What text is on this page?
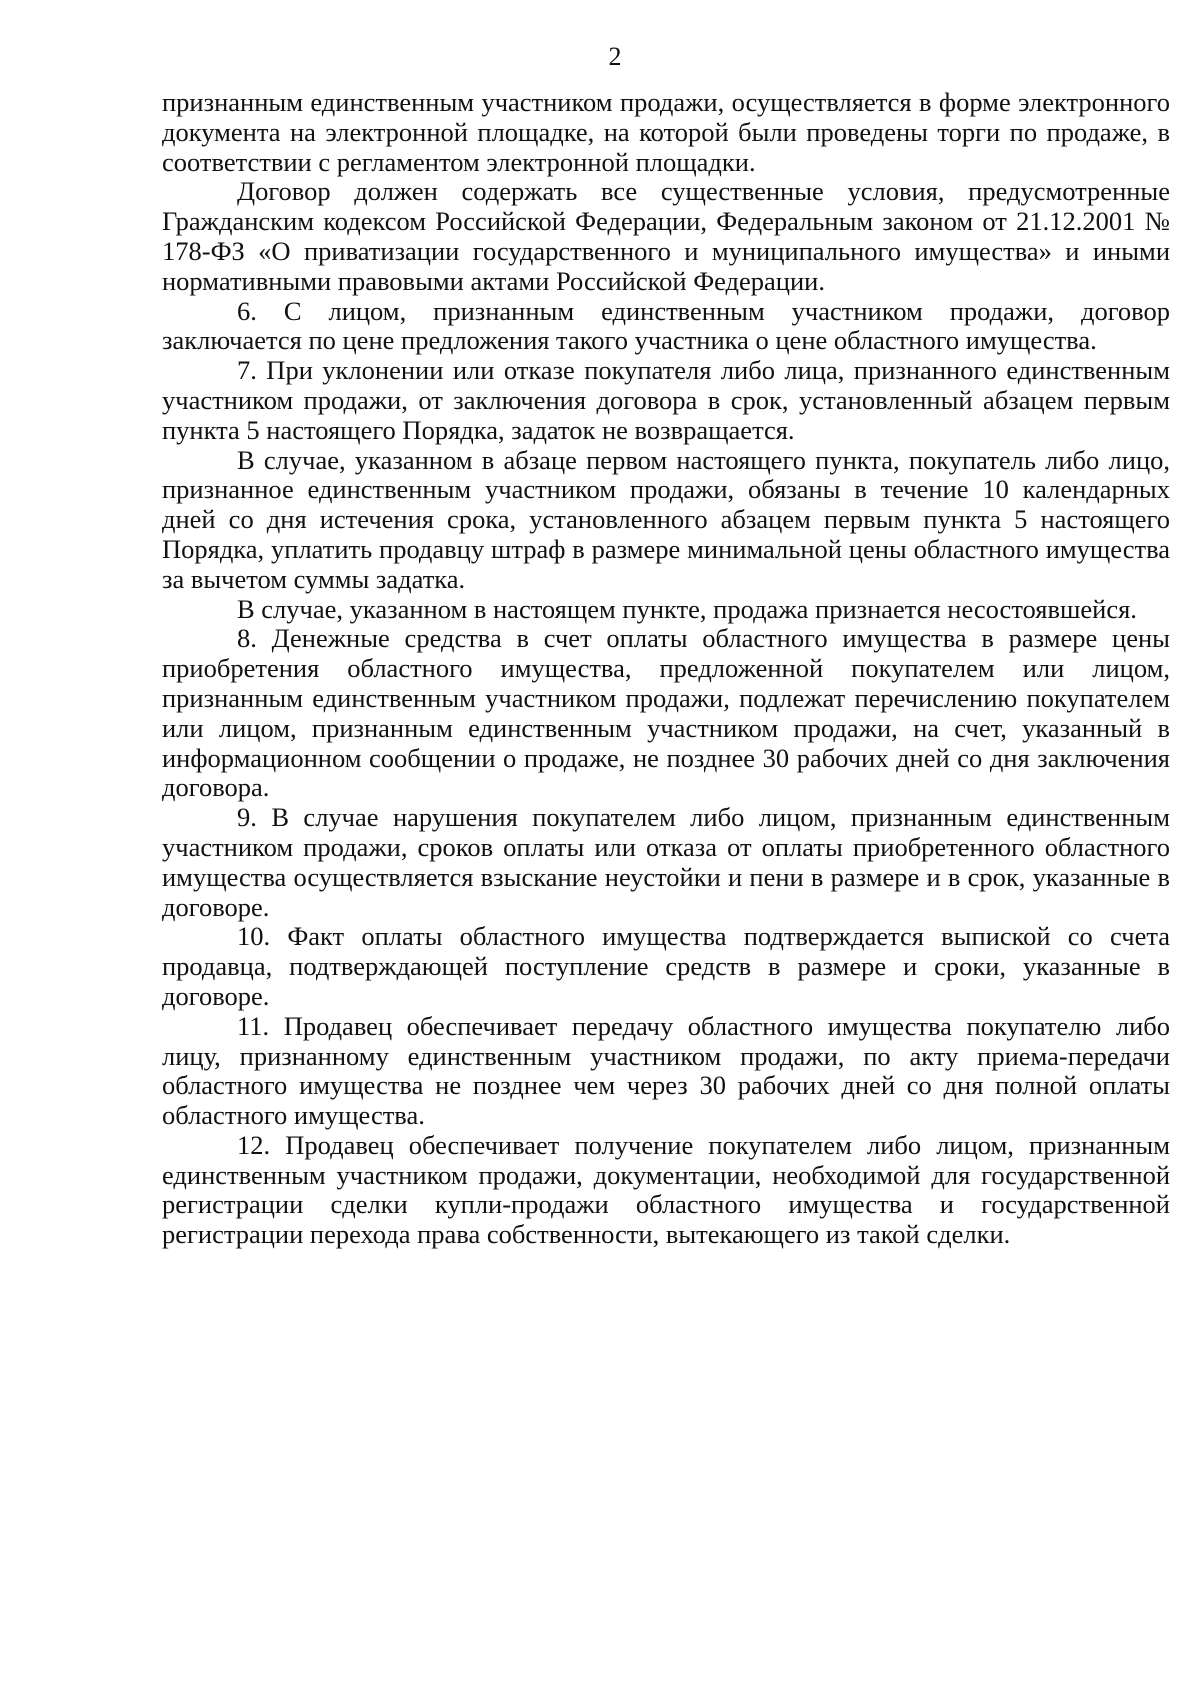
2

признанным единственным участником продажи, осуществляется в форме электронного документа на электронной площадке, на которой были проведены торги по продаже, в соответствии с регламентом электронной площадки.

Договор должен содержать все существенные условия, предусмотренные Гражданским кодексом Российской Федерации, Федеральным законом от 21.12.2001 № 178-ФЗ «О приватизации государственного и муниципального имущества» и иными нормативными правовыми актами Российской Федерации.

6. С лицом, признанным единственным участником продажи, договор заключается по цене предложения такого участника о цене областного имущества.

7. При уклонении или отказе покупателя либо лица, признанного единственным участником продажи, от заключения договора в срок, установленный абзацем первым пункта 5 настоящего Порядка, задаток не возвращается.

В случае, указанном в абзаце первом настоящего пункта, покупатель либо лицо, признанное единственным участником продажи, обязаны в течение 10 календарных дней со дня истечения срока, установленного абзацем первым пункта 5 настоящего Порядка, уплатить продавцу штраф в размере минимальной цены областного имущества за вычетом суммы задатка.

В случае, указанном в настоящем пункте, продажа признается несостоявшейся.

8. Денежные средства в счет оплаты областного имущества в размере цены приобретения областного имущества, предложенной покупателем или лицом, признанным единственным участником продажи, подлежат перечислению покупателем или лицом, признанным единственным участником продажи, на счет, указанный в информационном сообщении о продаже, не позднее 30 рабочих дней со дня заключения договора.

9. В случае нарушения покупателем либо лицом, признанным единственным участником продажи, сроков оплаты или отказа от оплаты приобретенного областного имущества осуществляется взыскание неустойки и пени в размере и в срок, указанные в договоре.

10. Факт оплаты областного имущества подтверждается выпиской со счета продавца, подтверждающей поступление средств в размере и сроки, указанные в договоре.

11. Продавец обеспечивает передачу областного имущества покупателю либо лицу, признанному единственным участником продажи, по акту приема-передачи областного имущества не позднее чем через 30 рабочих дней со дня полной оплаты областного имущества.

12. Продавец обеспечивает получение покупателем либо лицом, признанным единственным участником продажи, документации, необходимой для государственной регистрации сделки купли-продажи областного имущества и государственной регистрации перехода права собственности, вытекающего из такой сделки.
